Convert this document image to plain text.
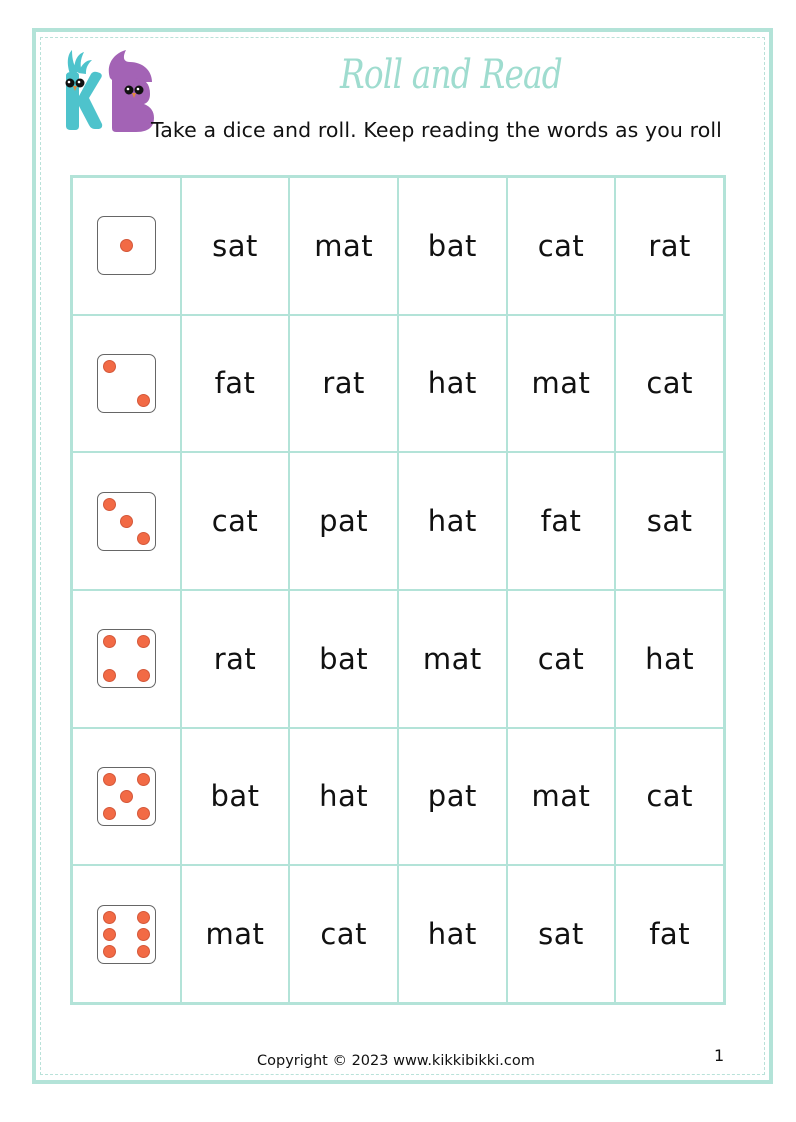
Roll and Read
Take a dice and roll. Keep reading the words as you roll
sat	mat	bat	cat	rat
fat	rat	hat	mat	cat
cat	pat	hat	fat	sat
rat	bat	mat	cat	hat
bat	hat	pat	mat	cat
mat	cat	hat	sat	fat
Copyright © 2023 www.kikkibikki.com	1
